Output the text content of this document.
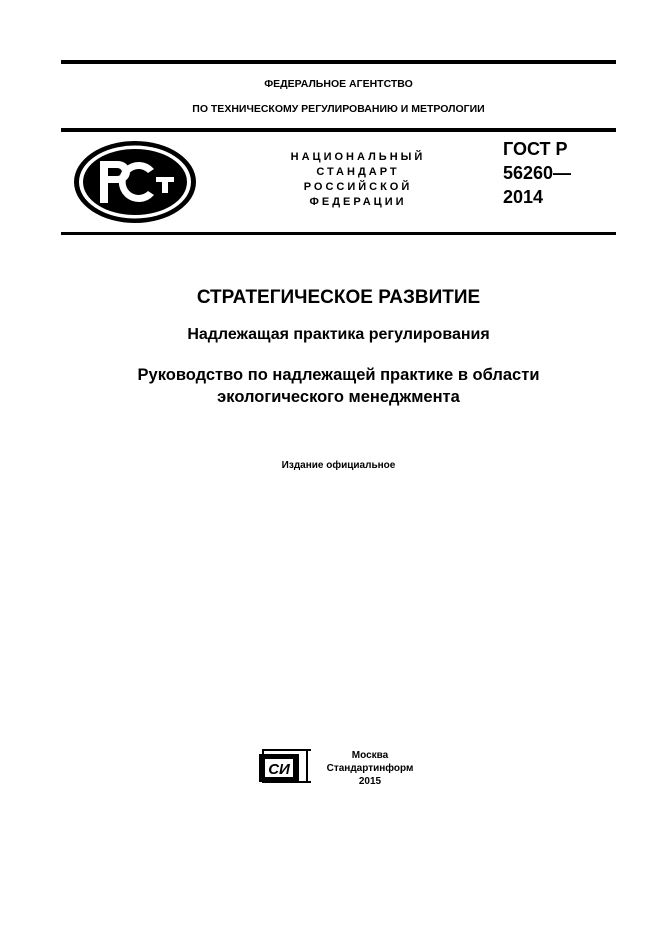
ФЕДЕРАЛЬНОЕ АГЕНТСТВО
ПО ТЕХНИЧЕСКОМУ РЕГУЛИРОВАНИЮ И МЕТРОЛОГИИ
НАЦИОНАЛЬНЫЙ
СТАНДАРТ
РОССИЙСКОЙ
ФЕДЕРАЦИИ
ГОСТ Р
56260—
2014
СТРАТЕГИЧЕСКОЕ РАЗВИТИЕ
Надлежащая практика регулирования
Руководство по надлежащей практике в области
экологического менеджмента
Издание официальное
СИ
Москва
Стандартинформ
2015
